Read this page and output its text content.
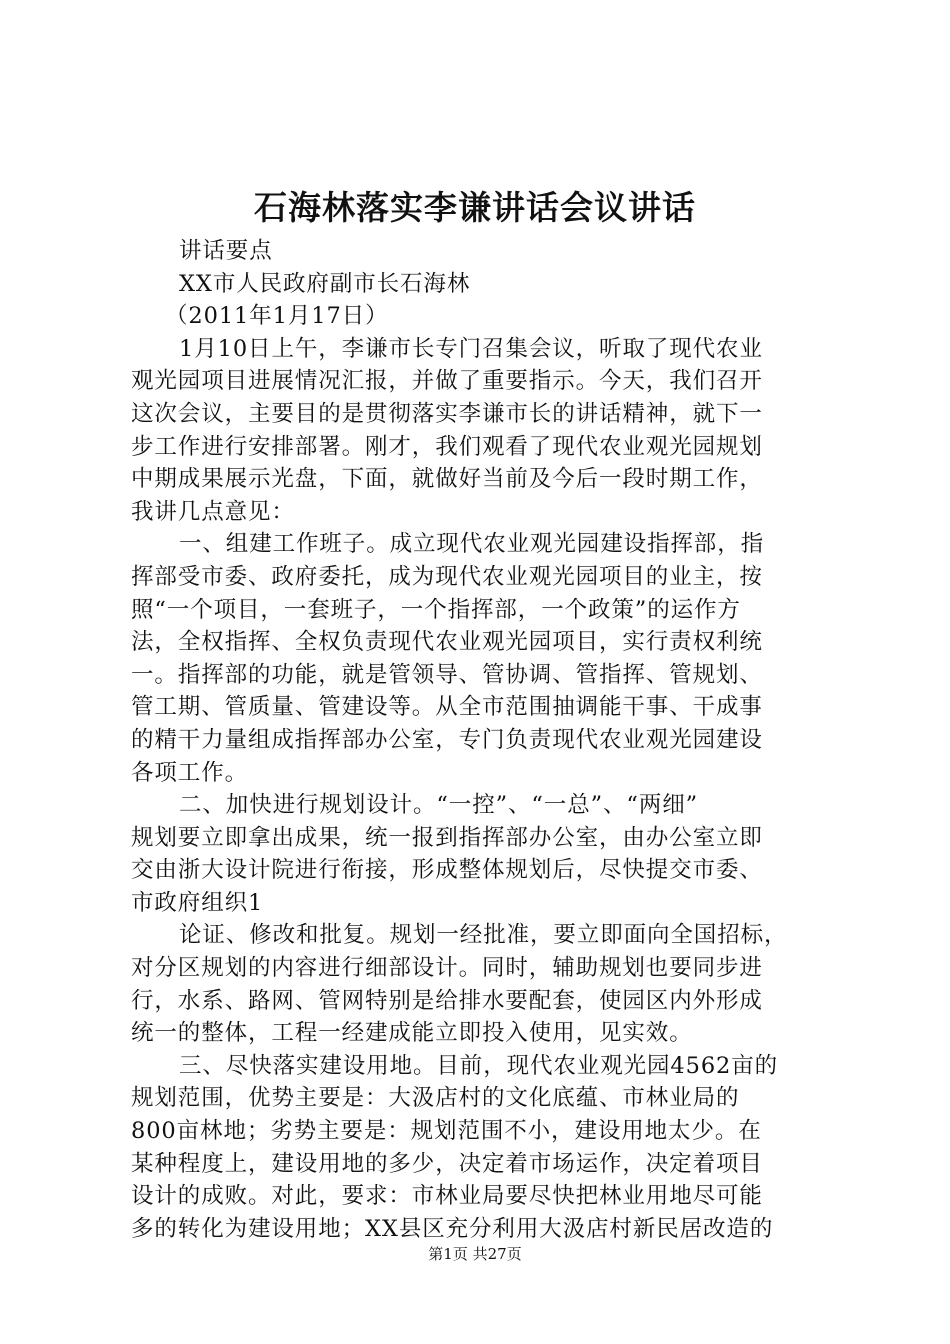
石海林落实李谦讲话会议讲话
讲话要点
XX市人民政府副市长石海林
（2011年1月17日）
1月10日上午，李谦市长专门召集会议，听取了现代农业
观光园项目进展情况汇报，并做了重要指示。今天，我们召开
这次会议，主要目的是贯彻落实李谦市长的讲话精神，就下一
步工作进行安排部署。刚才，我们观看了现代农业观光园规划
中期成果展示光盘，下面，就做好当前及今后一段时期工作，
我讲几点意见：
一、组建工作班子。成立现代农业观光园建设指挥部，指
挥部受市委、政府委托，成为现代农业观光园项目的业主，按
照“一个项目，一套班子，一个指挥部，一个政策”的运作方
法，全权指挥、全权负责现代农业观光园项目，实行责权利统
一。指挥部的功能，就是管领导、管协调、管指挥、管规划、
管工期、管质量、管建设等。从全市范围抽调能干事、干成事
的精干力量组成指挥部办公室，专门负责现代农业观光园建设
各项工作。
二、加快进行规划设计。“一控”、“一总”、“两细”
规划要立即拿出成果，统一报到指挥部办公室，由办公室立即
交由浙大设计院进行衔接，形成整体规划后，尽快提交市委、
市政府组织1
论证、修改和批复。规划一经批准，要立即面向全国招标，
对分区规划的内容进行细部设计。同时，辅助规划也要同步进
行，水系、路网、管网特别是给排水要配套，使园区内外形成
统一的整体，工程一经建成能立即投入使用，见实效。
三、尽快落实建设用地。目前，现代农业观光园4562亩的
规划范围，优势主要是：大汲店村的文化底蕴、市林业局的
800亩林地；劣势主要是：规划范围不小，建设用地太少。在
某种程度上，建设用地的多少，决定着市场运作，决定着项目
设计的成败。对此，要求：市林业局要尽快把林业用地尽可能
多的转化为建设用地；XX县区充分利用大汲店村新民居改造的
第1页 共27页
